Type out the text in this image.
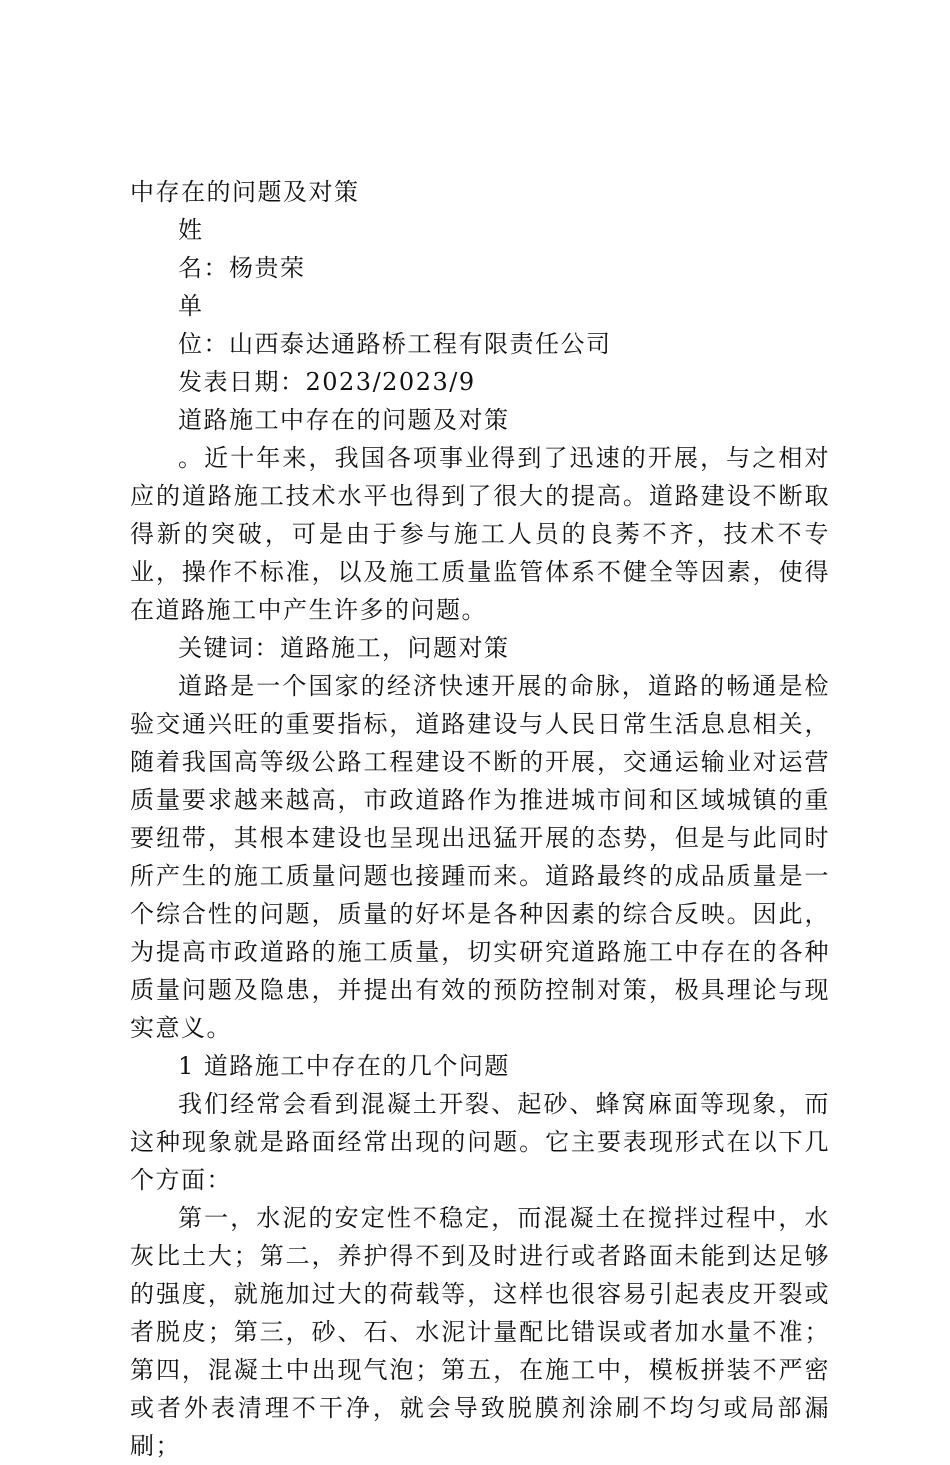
中存在的问题及对策

姓

名：杨贵荣

单

位：山西泰达通路桥工程有限责任公司

发表日期：2023/2023/9

道路施工中存在的问题及对策

。近十年来，我国各项事业得到了迅速的开展，与之相对应的道路施工技术水平也得到了很大的提高。道路建设不断取得新的突破，可是由于参与施工人员的良莠不齐，技术不专业，操作不标准，以及施工质量监管体系不健全等因素，使得在道路施工中产生许多的问题。

关键词：道路施工，问题对策

道路是一个国家的经济快速开展的命脉，道路的畅通是检验交通兴旺的重要指标，道路建设与人民日常生活息息相关，随着我国高等级公路工程建设不断的开展，交通运输业对运营质量要求越来越高，市政道路作为推进城市间和区域城镇的重要纽带，其根本建设也呈现出迅猛开展的态势，但是与此同时所产生的施工质量问题也接踵而来。道路最终的成品质量是一个综合性的问题，质量的好坏是各种因素的综合反映。因此，为提高市政道路的施工质量，切实研究道路施工中存在的各种质量问题及隐患，并提出有效的预防控制对策，极具理论与现实意义。

1 道路施工中存在的几个问题

我们经常会看到混凝土开裂、起砂、蜂窝麻面等现象，而这种现象就是路面经常出现的问题。它主要表现形式在以下几个方面：

第一，水泥的安定性不稳定，而混凝土在搅拌过程中，水灰比土大；第二，养护得不到及时进行或者路面未能到达足够的强度，就施加过大的荷载等，这样也很容易引起表皮开裂或者脱皮；第三，砂、石、水泥计量配比错误或者加水量不准；第四，混凝土中出现气泡；第五，在施工中，模板拼装不严密或者外表清理不干净，就会导致脱膜剂涂刷不均匀或局部漏刷；
